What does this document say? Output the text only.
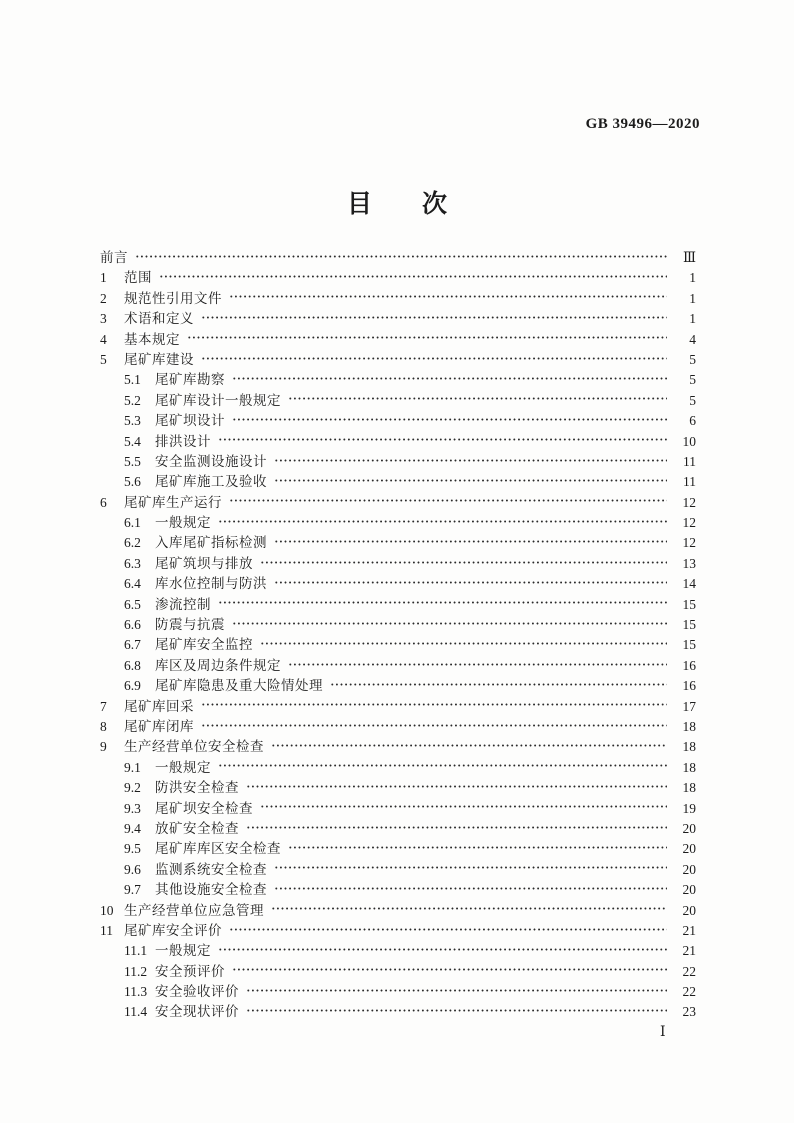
GB 39496—2020
目　　次
前言	Ⅲ
1	范围	1
2	规范性引用文件	1
3	术语和定义	1
4	基本规定	4
5	尾矿库建设	5
5.1	尾矿库勘察	5
5.2	尾矿库设计一般规定	5
5.3	尾矿坝设计	6
5.4	排洪设计	10
5.5	安全监测设施设计	11
5.6	尾矿库施工及验收	11
6	尾矿库生产运行	12
6.1	一般规定	12
6.2	入库尾矿指标检测	12
6.3	尾矿筑坝与排放	13
6.4	库水位控制与防洪	14
6.5	渗流控制	15
6.6	防震与抗震	15
6.7	尾矿库安全监控	15
6.8	库区及周边条件规定	16
6.9	尾矿库隐患及重大险情处理	16
7	尾矿库回采	17
8	尾矿库闭库	18
9	生产经营单位安全检查	18
9.1	一般规定	18
9.2	防洪安全检查	18
9.3	尾矿坝安全检查	19
9.4	放矿安全检查	20
9.5	尾矿库库区安全检查	20
9.6	监测系统安全检查	20
9.7	其他设施安全检查	20
10 生产经营单位应急管理	20
11 尾矿库安全评价	21
11.1 一般规定	21
11.2 安全预评价	22
11.3 安全验收评价	22
11.4 安全现状评价	23
Ⅰ
